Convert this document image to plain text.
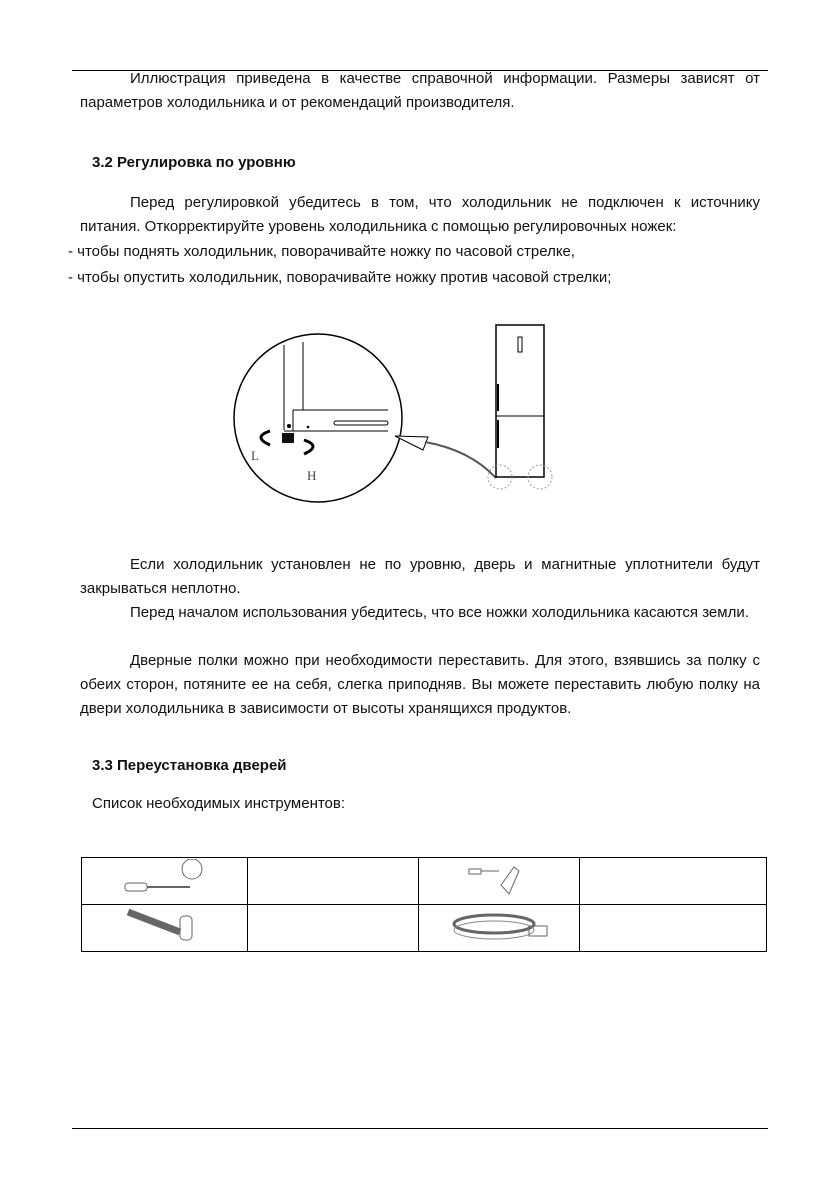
Иллюстрация приведена в качестве справочной информации. Размеры зависят от параметров холодильника и от рекомендаций производителя.
3.2 Регулировка по уровню
Перед регулировкой убедитесь в том, что холодильник не подключен к источнику питания. Откорректируйте уровень холодильника с помощью регулировочных ножек:
- чтобы поднять холодильник, поворачивайте ножку по часовой стрелке,
- чтобы опустить холодильник, поворачивайте ножку против часовой стрелки;
L
H
Если холодильник установлен не по уровню, дверь и магнитные уплотнители будут закрываться неплотно.
Перед началом использования убедитесь, что все ножки холодильника касаются земли.
Дверные полки можно при необходимости переставить. Для этого, взявшись за полку с обеих сторон, потяните ее на себя, слегка приподняв. Вы можете переставить любую полку на двери холодильника в зависимости от высоты хранящихся продуктов.
3.3 Переустановка дверей
Список необходимых инструментов:
